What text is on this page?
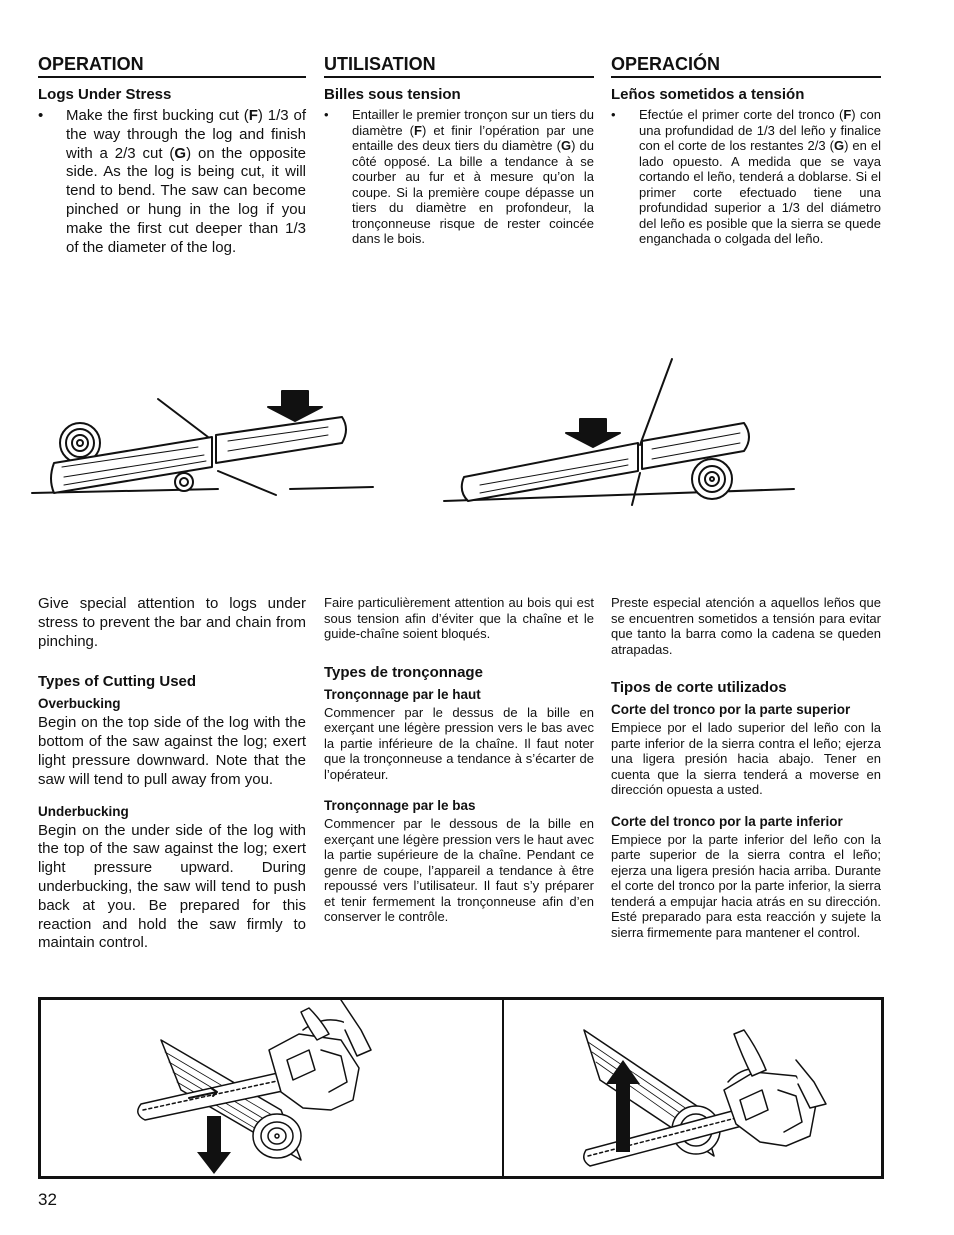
OPERATION
Logs Under Stress
• Make the first bucking cut (F) 1/3 of the way through the log and finish with a 2/3 cut (G) on the opposite side. As the log is being cut, it will tend to bend. The saw can become pinched or hung in the log if you make the first cut deeper than 1/3 of the diameter of the log.
UTILISATION
Billes sous tension
• Entailler le premier tronçon sur un tiers du diamètre (F) et finir l’opération par une entaille des deux tiers du diamètre (G) du côté opposé. La bille a tendance à se courber au fur et à mesure qu’on la coupe. Si la première coupe dépasse un tiers du diamètre en profondeur, la tronçonneuse risque de rester coincée dans le bois.
OPERACIÓN
Leños sometidos a tensión
• Efectúe el primer corte del tronco (F) con una profundidad de 1/3 del leño y finalice con el corte de los restantes 2/3 (G) en el lado opuesto. A medida que se vaya cortando el leño, tenderá a doblarse. Si el primer corte efectuado tiene una profundidad superior a 1/3 del diámetro del leño es posible que la sierra se quede enganchada o colgada del leño.
Give special attention to logs under stress to prevent the bar and chain from pinching.
Types of Cutting Used
Overbucking
Begin on the top side of the log with the bottom of the saw against the log; exert light pressure downward. Note that the saw will tend to pull away from you.
Underbucking
Begin on the under side of the log with the top of the saw against the log; exert light pressure upward. During underbucking, the saw will tend to push back at you. Be prepared for this reaction and hold the saw firmly to maintain control.
Faire particulièrement attention au bois qui est sous tension afin d’éviter que la chaîne et le guide-chaîne soient bloqués.
Types de tronçonnage
Tronçonnage par le haut
Commencer par le dessus de la bille en exerçant une légère pression vers le bas avec la partie inférieure de la chaîne. Il faut noter que la tronçonneuse a tendance à s’écarter de l’opérateur.
Tronçonnage par le bas
Commencer par le dessous de la bille en exerçant une légère pression vers le haut avec la partie supérieure de la chaîne. Pendant ce genre de coupe, l’appareil a tendance à être repoussé vers l’utilisateur. Il faut s’y préparer et tenir fermement la tronçonneuse afin d’en conserver le contrôle.
Preste especial atención a aquellos leños que se encuentren sometidos a tensión para evitar que tanto la barra como la cadena se queden atrapadas.
Tipos de corte utilizados
Corte del tronco por la parte superior
Empiece por el lado superior del leño con la parte inferior de la sierra contra el leño; ejerza una ligera presión hacia abajo. Tener en cuenta que la sierra tenderá a moverse en dirección opuesta a usted.
Corte del tronco por la parte inferior
Empiece por la parte inferior del leño con la parte superior de la sierra contra el leño; ejerza una ligera presión hacia arriba. Durante el corte del tronco por la parte inferior, la sierra tenderá a empujar hacia atrás en su dirección. Esté preparado para esta reacción y sujete la sierra firmemente para mantener el control.
32
